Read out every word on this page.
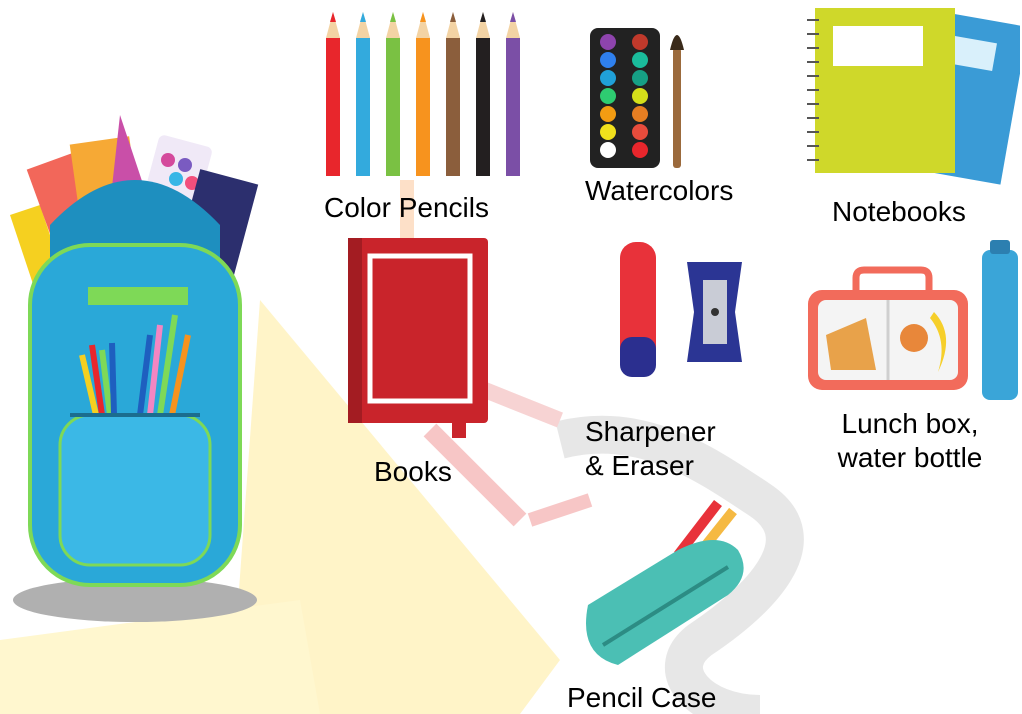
Color Pencils
Watercolors
Notebooks
Books
Sharpener
& Eraser
Lunch box,
water bottle
Pencil Case
